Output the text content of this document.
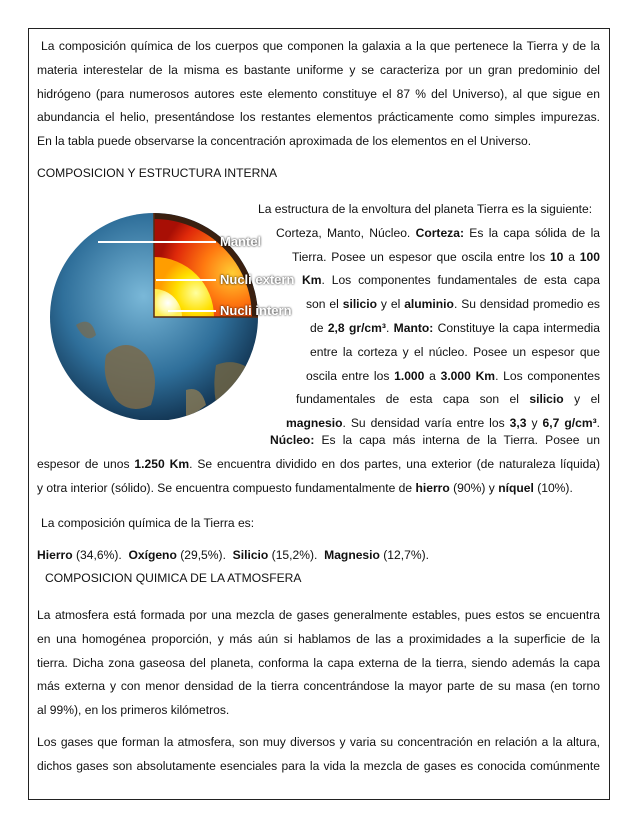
La composición química de los cuerpos que componen la galaxia a la que pertenece la Tierra y de la

materia interestelar de la misma es bastante uniforme y se caracteriza por un gran predominio del

hidrógeno (para numerosos autores este elemento constituye el 87 % del Universo), al que sigue en

abundancia el helio, presentándose los restantes elementos prácticamente como simples impurezas.

En la tabla puede observarse la concentración aproximada de los elementos en el Universo.

COMPOSICION Y ESTRUCTURA INTERNA
Mantel
Nucli extern
Nucli intern

La estructura de la envoltura del planeta Tierra es la siguiente:

Corteza, Manto, Núcleo. Corteza: Es la capa sólida de la

Tierra. Posee un espesor que oscila entre los 10 a 100

Km. Los componentes fundamentales de esta capa

son el silicio y el aluminio. Su densidad promedio es

de 2,8 gr/cm³. Manto: Constituye la capa intermedia

entre la corteza y el núcleo. Posee un espesor que

oscila entre los 1.000 a 3.000 Km. Los componentes

fundamentales de esta capa son el silicio y el

magnesio. Su densidad varía entre los 3,3 y 6,7 g/cm³.

Núcleo: Es la capa más interna de la Tierra. Posee un

espesor de unos 1.250 Km. Se encuentra dividido en dos partes, una exterior (de naturaleza líquida)

y otra interior (sólido). Se encuentra compuesto fundamentalmente de hierro (90%) y níquel (10%).

La composición química de la Tierra es:
Hierro (34,6%). Oxígeno (29,5%). Silicio (15,2%). Magnesio (12,7%).
COMPOSICION QUIMICA DE LA ATMOSFERA

La atmosfera está formada por una mezcla de gases generalmente estables, pues estos se encuentra

en una homogénea proporción, y más aún si hablamos de las a proximidades a la superficie de la

tierra. Dicha zona gaseosa del planeta, conforma la capa externa de la tierra, siendo además la capa

más externa y con menor densidad de la tierra concentrándose la mayor parte de su masa (en torno

al 99%), en los primeros kilómetros.

Los gases que forman la atmosfera, son muy diversos y varia su concentración en relación a la altura,

dichos gases son absolutamente esenciales para la vida la mezcla de gases es conocida comúnmente
